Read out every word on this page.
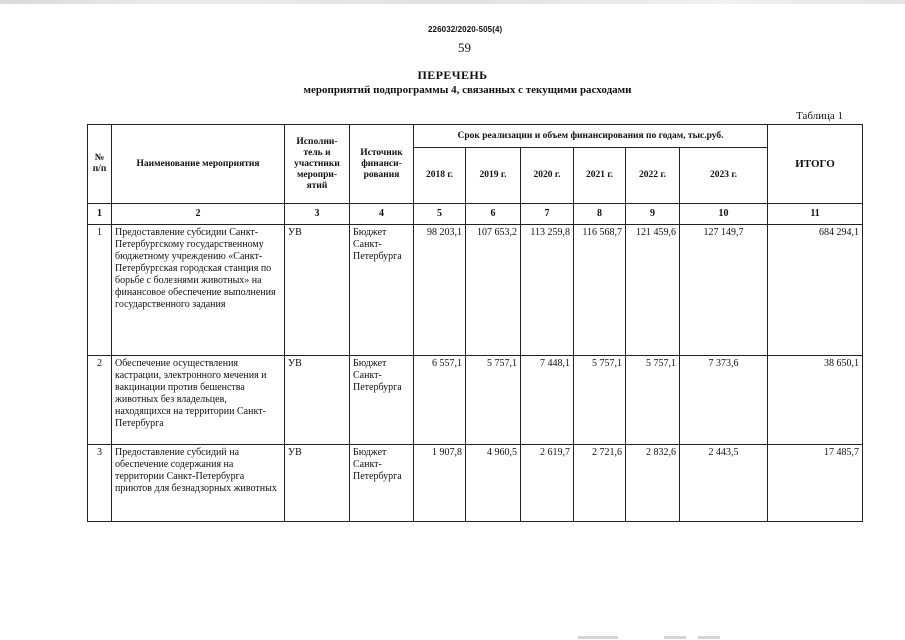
226032/2020-505(4)
59
ПЕРЕЧЕНЬ
мероприятий подпрограммы 4, связанных с текущими расходами
Таблица 1
№ п/п	Наименование мероприятия	Исполни-тель и участники меропри-ятий	Источник финанси-рования	Срок реализации и объем финансирования по годам, тыс.руб.						ИТОГО
				2018 г.	2019 г.	2020 г.	2021 г.	2022 г.	2023 г.	
1	2	3	4	5	6	7	8	9	10	11
1	Предоставление субсидии Санкт-Петербургскому государственному бюджетному учреждению «Санкт-Петербургская городская станция по борьбе с болезнями животных» на финансовое обеспечение выполнения государственного задания	УВ	Бюджет Санкт-Петербурга	98 203,1	107 653,2	113 259,8	116 568,7	121 459,6	127 149,7	684 294,1
2	Обеспечение осуществления кастрации, электронного мечения и вакцинации против бешенства животных без владельцев, находящихся на территории Санкт-Петербурга	УВ	Бюджет Санкт-Петербурга	6 557,1	5 757,1	7 448,1	5 757,1	5 757,1	7 373,6	38 650,1
3	Предоставление субсидий на обеспечение содержания на территории Санкт-Петербурга приютов для безнадзорных животных	УВ	Бюджет Санкт-Петербурга	1 907,8	4 960,5	2 619,7	2 721,6	2 832,6	2 443,5	17 485,7
